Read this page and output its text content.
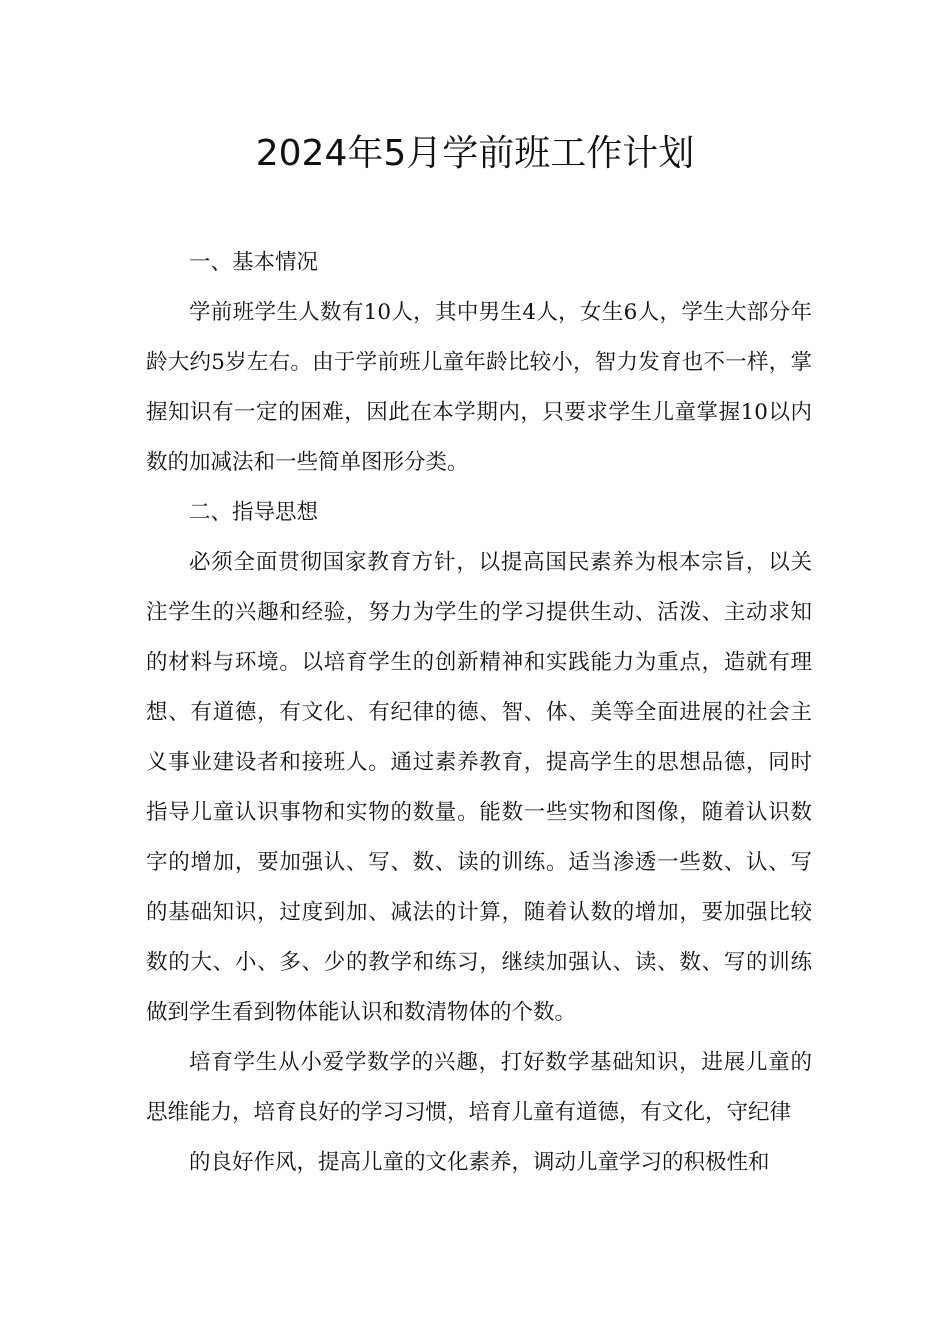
2024年5月学前班工作计划

一、基本情况

学前班学生人数有10人，其中男生4人，女生6人，学生大部分年龄大约5岁左右。由于学前班儿童年龄比较小，智力发育也不一样，掌握知识有一定的困难，因此在本学期内，只要求学生儿童掌握10以内数的加减法和一些简单图形分类。

二、指导思想

必须全面贯彻国家教育方针，以提高国民素养为根本宗旨，以关注学生的兴趣和经验，努力为学生的学习提供生动、活泼、主动求知的材料与环境。以培育学生的创新精神和实践能力为重点，造就有理想、有道德，有文化、有纪律的德、智、体、美等全面进展的社会主义事业建设者和接班人。通过素养教育，提高学生的思想品德，同时指导儿童认识事物和实物的数量。能数一些实物和图像，随着认识数字的增加，要加强认、写、数、读的训练。适当渗透一些数、认、写的基础知识，过度到加、减法的计算，随着认数的增加，要加强比较数的大、小、多、少的教学和练习，继续加强认、读、数、写的训练做到学生看到物体能认识和数清物体的个数。

培育学生从小爱学数学的兴趣，打好数学基础知识，进展儿童的思维能力，培育良好的学习习惯，培育儿童有道德，有文化，守纪律

的良好作风，提高儿童的文化素养，调动儿童学习的积极性和
